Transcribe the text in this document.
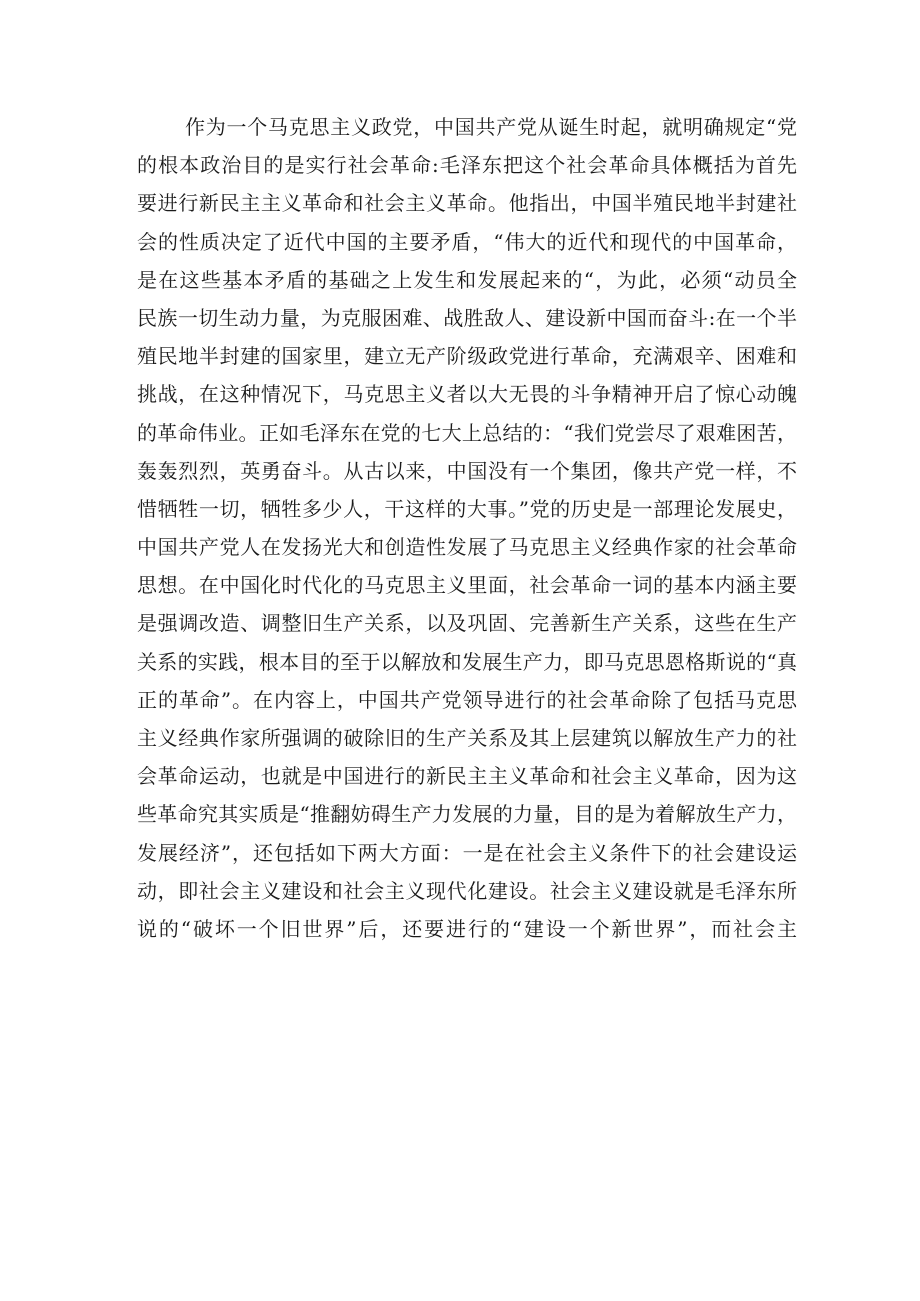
作为一个马克思主义政党，中国共产党从诞生时起，就明确规定“党
的根本政治目的是实行社会革命:毛泽东把这个社会革命具体概括为首先
要进行新民主主义革命和社会主义革命。他指出，中国半殖民地半封建社
会的性质决定了近代中国的主要矛盾，“伟大的近代和现代的中国革命，
是在这些基本矛盾的基础之上发生和发展起来的“，为此，必须“动员全
民族一切生动力量，为克服困难、战胜敌人、建设新中国而奋斗:在一个半
殖民地半封建的国家里，建立无产阶级政党进行革命，充满艰辛、困难和
挑战，在这种情况下，马克思主义者以大无畏的斗争精神开启了惊心动魄
的革命伟业。正如毛泽东在党的七大上总结的：“我们党尝尽了艰难困苦，
轰轰烈烈，英勇奋斗。从古以来，中国没有一个集团，像共产党一样，不
惜牺牲一切，牺牲多少人，干这样的大事。”党的历史是一部理论发展史，
中国共产党人在发扬光大和创造性发展了马克思主义经典作家的社会革命
思想。在中国化时代化的马克思主义里面，社会革命一词的基本内涵主要
是强调改造、调整旧生产关系，以及巩固、完善新生产关系，这些在生产
关系的实践，根本目的至于以解放和发展生产力，即马克思恩格斯说的“真
正的革命”。在内容上，中国共产党领导进行的社会革命除了包括马克思
主义经典作家所强调的破除旧的生产关系及其上层建筑以解放生产力的社
会革命运动，也就是中国进行的新民主主义革命和社会主义革命，因为这
些革命究其实质是“推翻妨碍生产力发展的力量，目的是为着解放生产力，
发展经济”，还包括如下两大方面：一是在社会主义条件下的社会建设运
动，即社会主义建设和社会主义现代化建设。社会主义建设就是毛泽东所
说的“破坏一个旧世界”后，还要进行的“建设一个新世界”，而社会主
